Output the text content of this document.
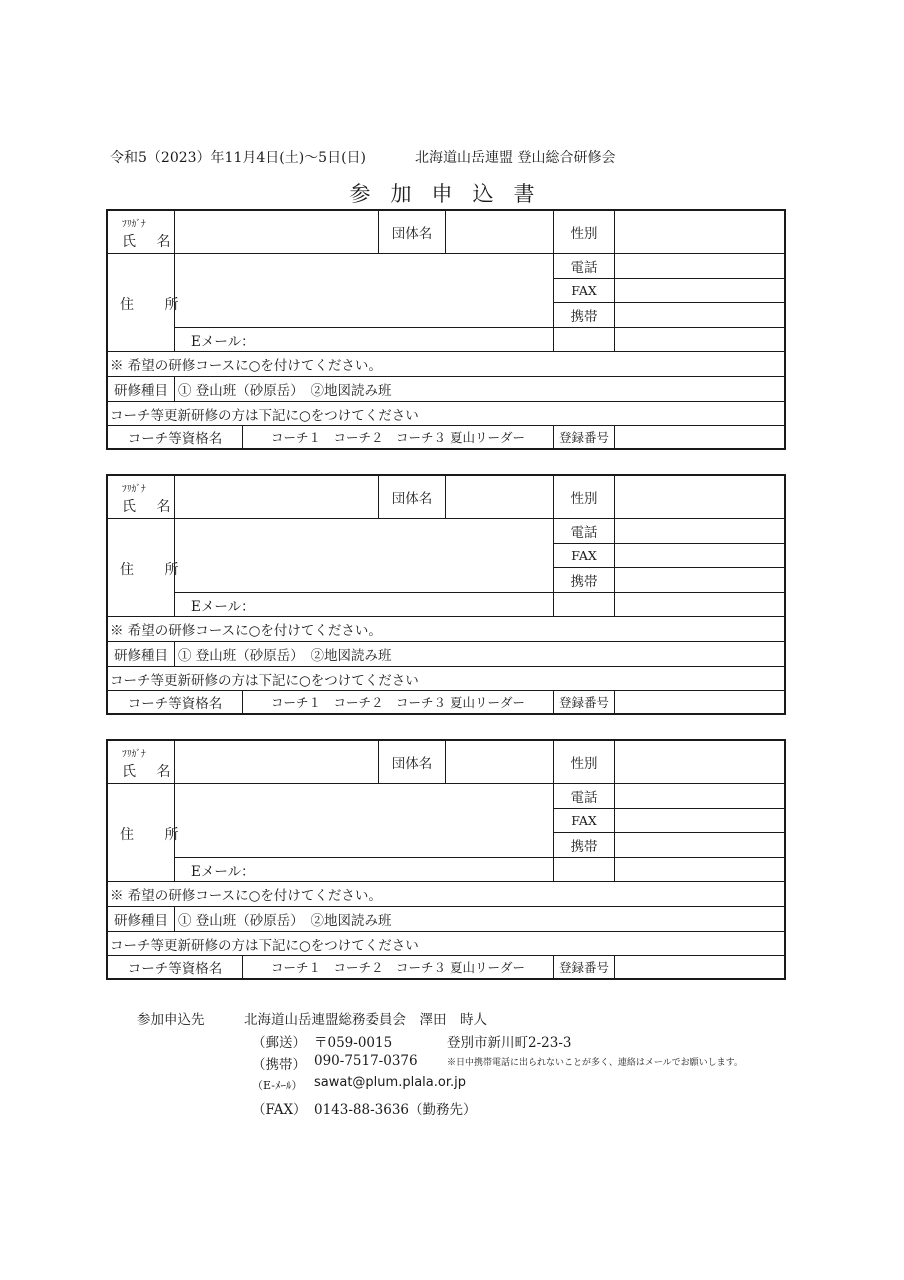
令和5（2023）年11月4日(土)～5日(日)	北海道山岳連盟 登山総合研修会
参加申込書
ﾌﾘｶﾞﾅ
氏 名	団体名	性別
住 所
電話
FAX
携帯
Eメール：
※ 希望の研修コースに○を付けてください。
研修種目 ① 登山班（砂原岳）　②地図読み班
コーチ等更新研修の方は下記に○をつけてください
コーチ等資格名	コーチ１　コーチ２　コーチ３ 夏山リーダー	登録番号
ﾌﾘｶﾞﾅ
氏 名	団体名	性別
住 所
電話
FAX
携帯
Eメール：
※ 希望の研修コースに○を付けてください。
研修種目 ① 登山班（砂原岳）　②地図読み班
コーチ等更新研修の方は下記に○をつけてください
コーチ等資格名	コーチ１　コーチ２　コーチ３ 夏山リーダー	登録番号
ﾌﾘｶﾞﾅ
氏 名	団体名	性別
住 所
電話
FAX
携帯
Eメール：
※ 希望の研修コースに○を付けてください。
研修種目 ① 登山班（砂原岳）　②地図読み班
コーチ等更新研修の方は下記に○をつけてください
コーチ等資格名	コーチ１　コーチ２　コーチ３ 夏山リーダー	登録番号
参加申込先	北海道山岳連盟総務委員会　澤田　時人
（郵送） 〒059-0015	登別市新川町2-23-3
（携帯） 090-7517-0376	※日中携帯電話に出られないことが多く、連絡はメールでお願いします。
（E-ﾒｰﾙ） sawat@plum.plala.or.jp
（FAX） 0143-88-3636（勤務先）
